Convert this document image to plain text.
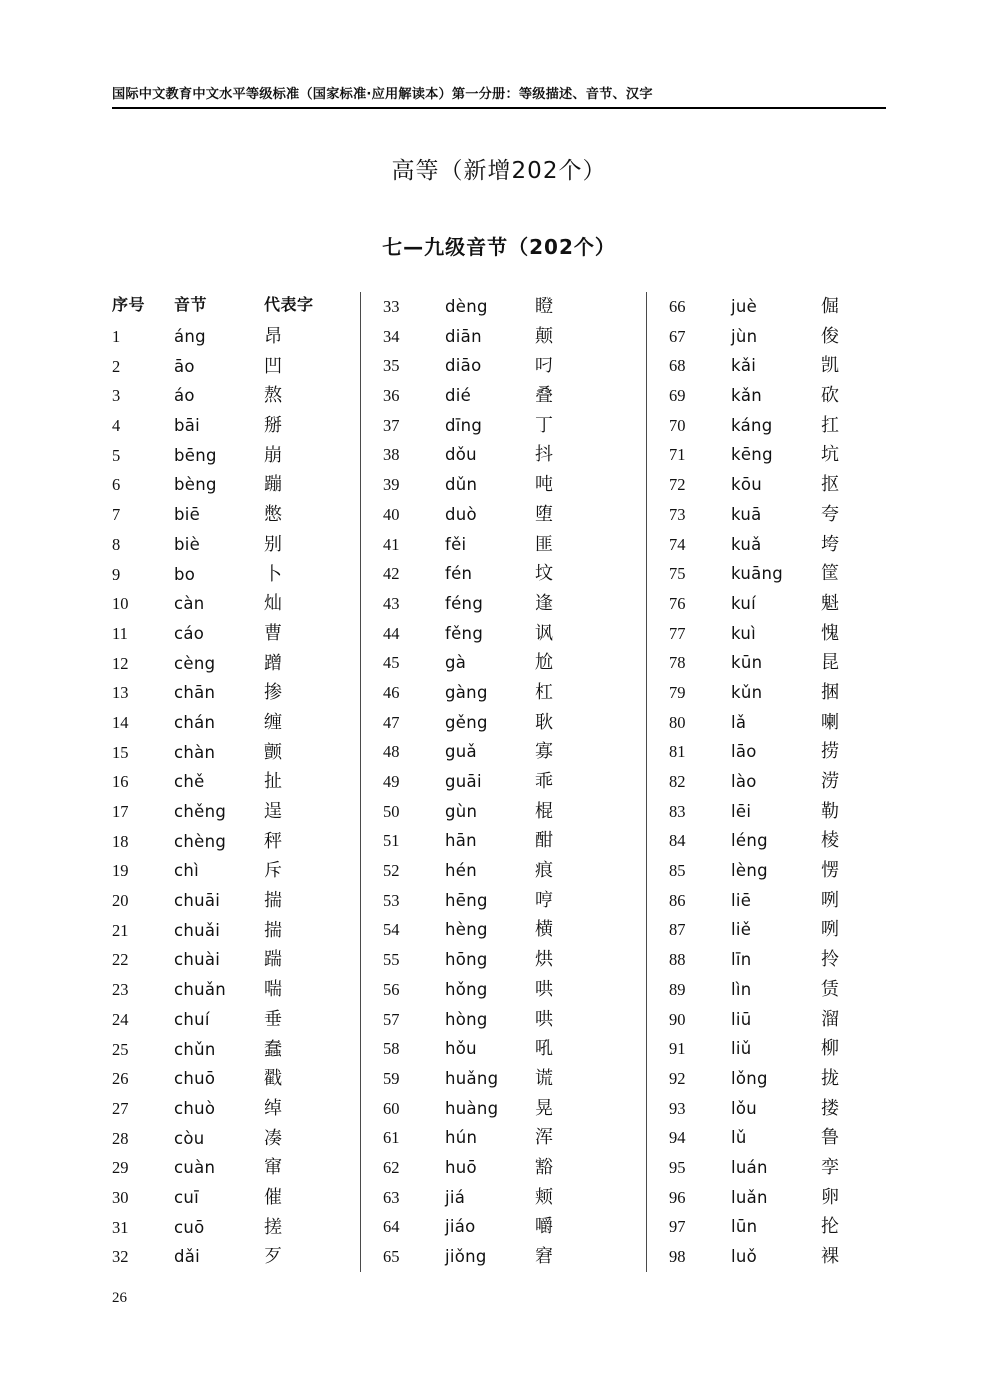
国际中文教育中文水平等级标准（国家标准·应用解读本）第一分册：等级描述、音节、汉字
高等（新增202个）
七—九级音节（202个）
序号	音节	代表字
1	áng	昂
2	āo	凹
3	áo	熬
4	bāi	掰
5	bēng	崩
6	bèng	蹦
7	biē	憋
8	biè	别
9	bo	卜
10	càn	灿
11	cáo	曹
12	cèng	蹭
13	chān	掺
14	chán	缠
15	chàn	颤
16	chě	扯
17	chěng	逞
18	chèng	秤
19	chì	斥
20	chuāi	揣
21	chuǎi	揣
22	chuài	踹
23	chuǎn	喘
24	chuí	垂
25	chǔn	蠢
26	chuō	戳
27	chuò	绰
28	còu	凑
29	cuàn	窜
30	cuī	催
31	cuō	搓
32	dǎi	歹
33	dèng	瞪
34	diān	颠
35	diāo	叼
36	dié	叠
37	dīng	丁
38	dǒu	抖
39	dǔn	吨
40	duò	堕
41	fěi	匪
42	fén	坟
43	féng	逢
44	fěng	讽
45	gà	尬
46	gàng	杠
47	gěng	耿
48	guǎ	寡
49	guāi	乖
50	gùn	棍
51	hān	酣
52	hén	痕
53	hēng	哼
54	hèng	横
55	hōng	烘
56	hǒng	哄
57	hòng	哄
58	hǒu	吼
59	huǎng	谎
60	huàng	晃
61	hún	浑
62	huō	豁
63	jiá	颊
64	jiáo	嚼
65	jiǒng	窘
66	juè	倔
67	jùn	俊
68	kǎi	凯
69	kǎn	砍
70	káng	扛
71	kēng	坑
72	kōu	抠
73	kuā	夸
74	kuǎ	垮
75	kuāng	筐
76	kuí	魁
77	kuì	愧
78	kūn	昆
79	kǔn	捆
80	lǎ	喇
81	lāo	捞
82	lào	涝
83	lēi	勒
84	léng	棱
85	lèng	愣
86	liē	咧
87	liě	咧
88	līn	拎
89	lìn	赁
90	liū	溜
91	liǔ	柳
92	lǒng	拢
93	lǒu	搂
94	lǔ	鲁
95	luán	孪
96	luǎn	卵
97	lūn	抡
98	luǒ	裸
26
